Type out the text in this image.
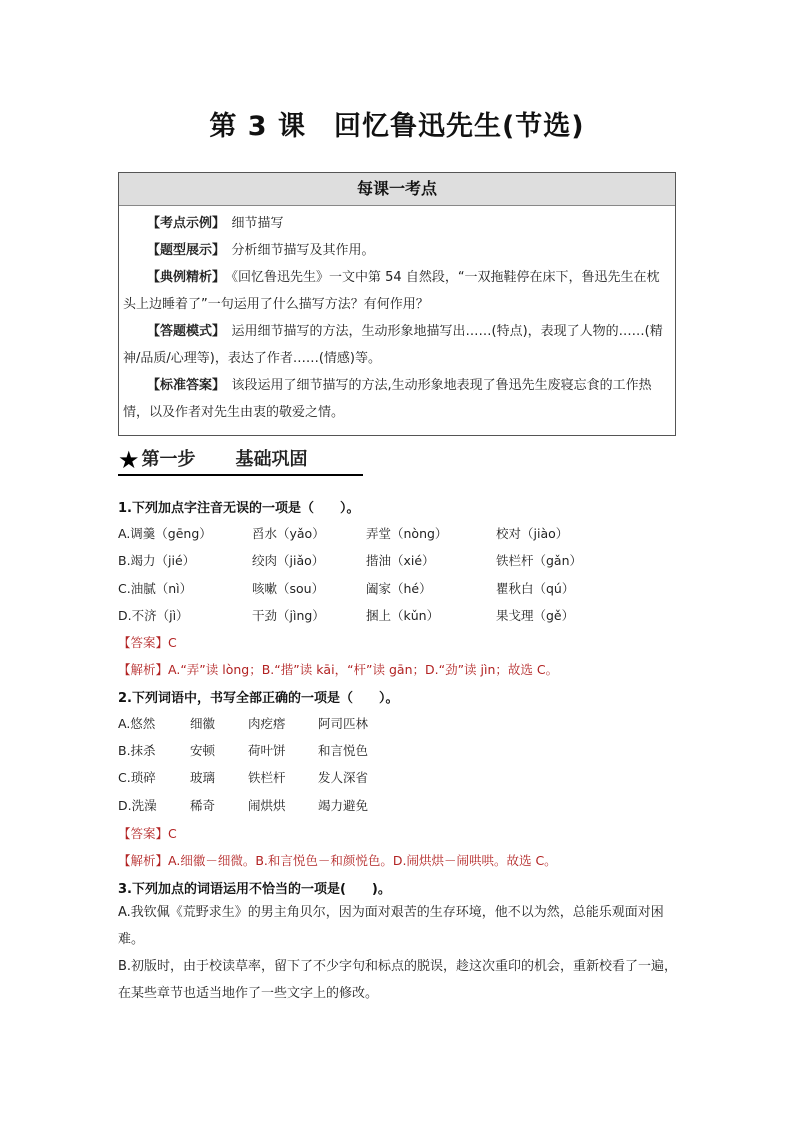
第 3 课　回忆鲁迅先生(节选)
每课一考点

【考点示例】　细节描写

【题型展示】　分析细节描写及其作用。

【典例精析】　《回忆鲁迅先生》一文中第 54 自然段，“一双拖鞋停在床下，鲁迅先生在枕头上边睡着了”一句运用了什么描写方法？有何作用？

【答题模式】　运用细节描写的方法，生动形象地描写出……(特点)，表现了人物的……(精神/品质/心理等)，表达了作者……(情感)等。

【标准答案】　该段运用了细节描写的方法,生动形象地表现了鲁迅先生废寝忘食的工作热情，以及作者对先生由衷的敬爱之情。

★ 第一步 基础巩固
1.下列加点字注音无误的一项是（　　）。
A.调羹（gēng）	舀水（yǎo）	弄堂（nòng）	校对（jiào）
B.竭力（jié）	绞肉（jiǎo）	揩油（xié）	铁栏杆（gǎn）
C.油腻（nì）	咳嗽（sou）	阖家（hé）	瞿秋白（qú）
D.不济（jì）	干劲（jìng）	捆上（kǔn）	果戈理（gě）
【答案】C
【解析】A.“弄”读 lòng；B.“揩”读 kāi，“杆”读 gān；D.“劲”读 jìn；故选 C。
2.下列词语中，书写全部正确的一项是（　　）。
A.悠然	细徽	肉疙瘩	阿司匹林
B.抹杀	安顿	荷叶饼	和言悦色
C.琐碎	玻璃	铁栏杆	发人深省
D.洗澡	稀奇	闹烘烘	竭力避免
【答案】C
【解析】A.细徽－细微。B.和言悦色－和颜悦色。D.闹烘烘－闹哄哄。故选 C。
3.下列加点的词语运用不恰当的一项是(　　)。
A.我钦佩《荒野求生》的男主角贝尔，因为面对艰苦的生存环境，他不以为然，总能乐观面对困难。
B.初版时，由于校读草率，留下了不少字句和标点的脱误，趁这次重印的机会，重新校看了一遍，在某些章节也适当地作了一些文字上的修改。
